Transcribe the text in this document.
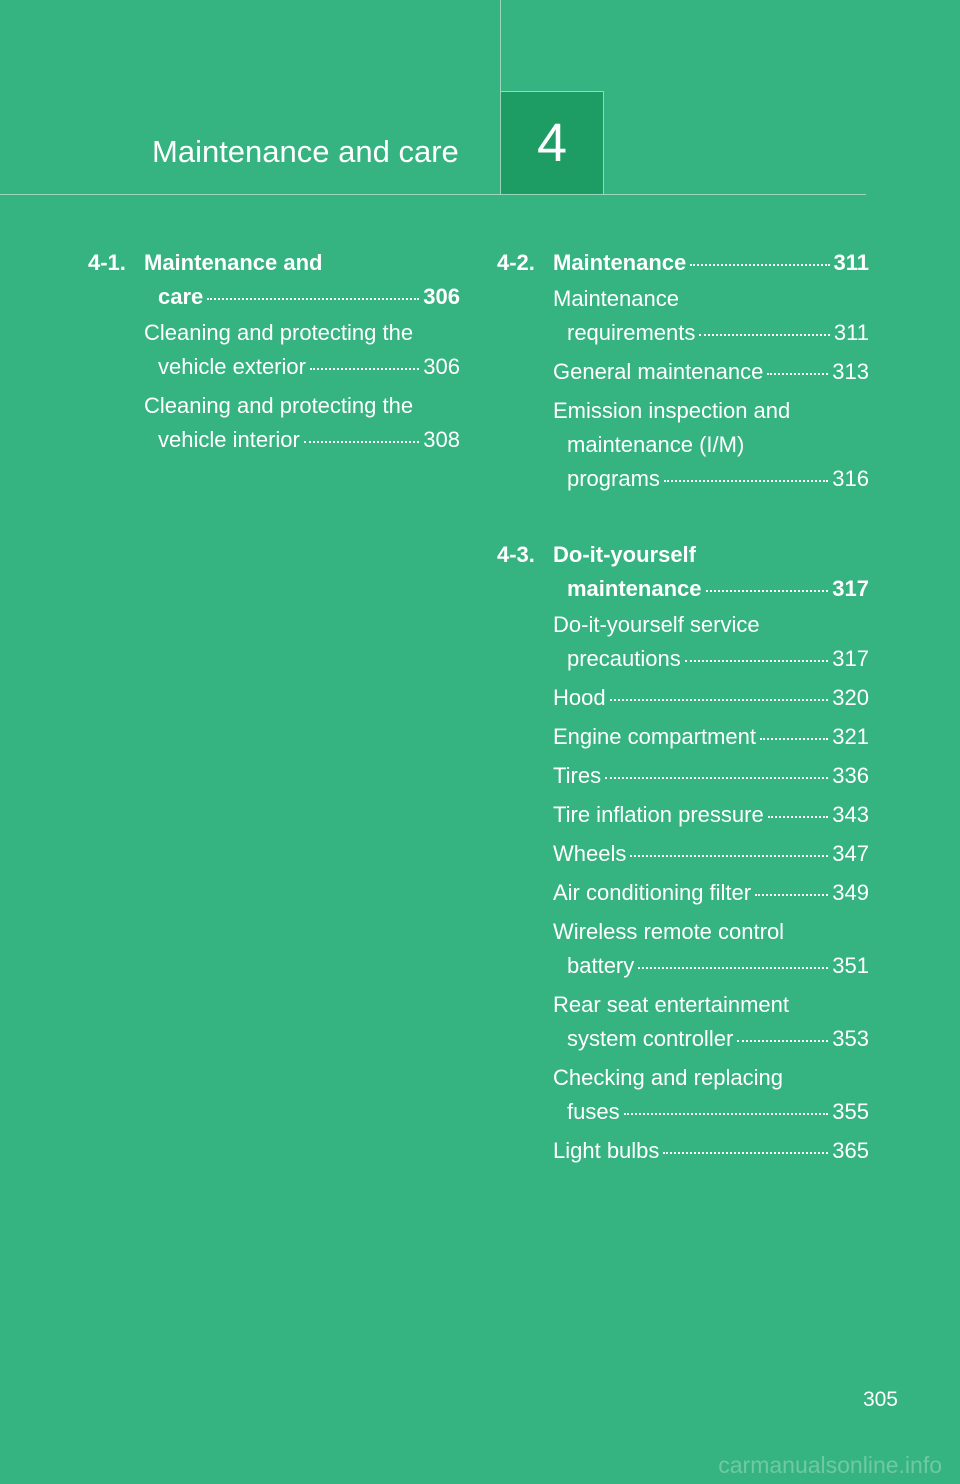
Maintenance and care 4
4-1. Maintenance and
care	306
Cleaning and protecting the
vehicle exterior	306
Cleaning and protecting the
vehicle interior	308
4-2. Maintenance	311
Maintenance
requirements	311
General maintenance	313
Emission inspection and
maintenance (I/M)
programs	316
4-3. Do-it-yourself
maintenance	317
Do-it-yourself service
precautions	317
Hood	320
Engine compartment	321
Tires	336
Tire inflation pressure	343
Wheels	347
Air conditioning filter	349
Wireless remote control
battery	351
Rear seat entertainment
system controller	353
Checking and replacing
fuses	355
Light bulbs	365
305
carmanualsonline.info
